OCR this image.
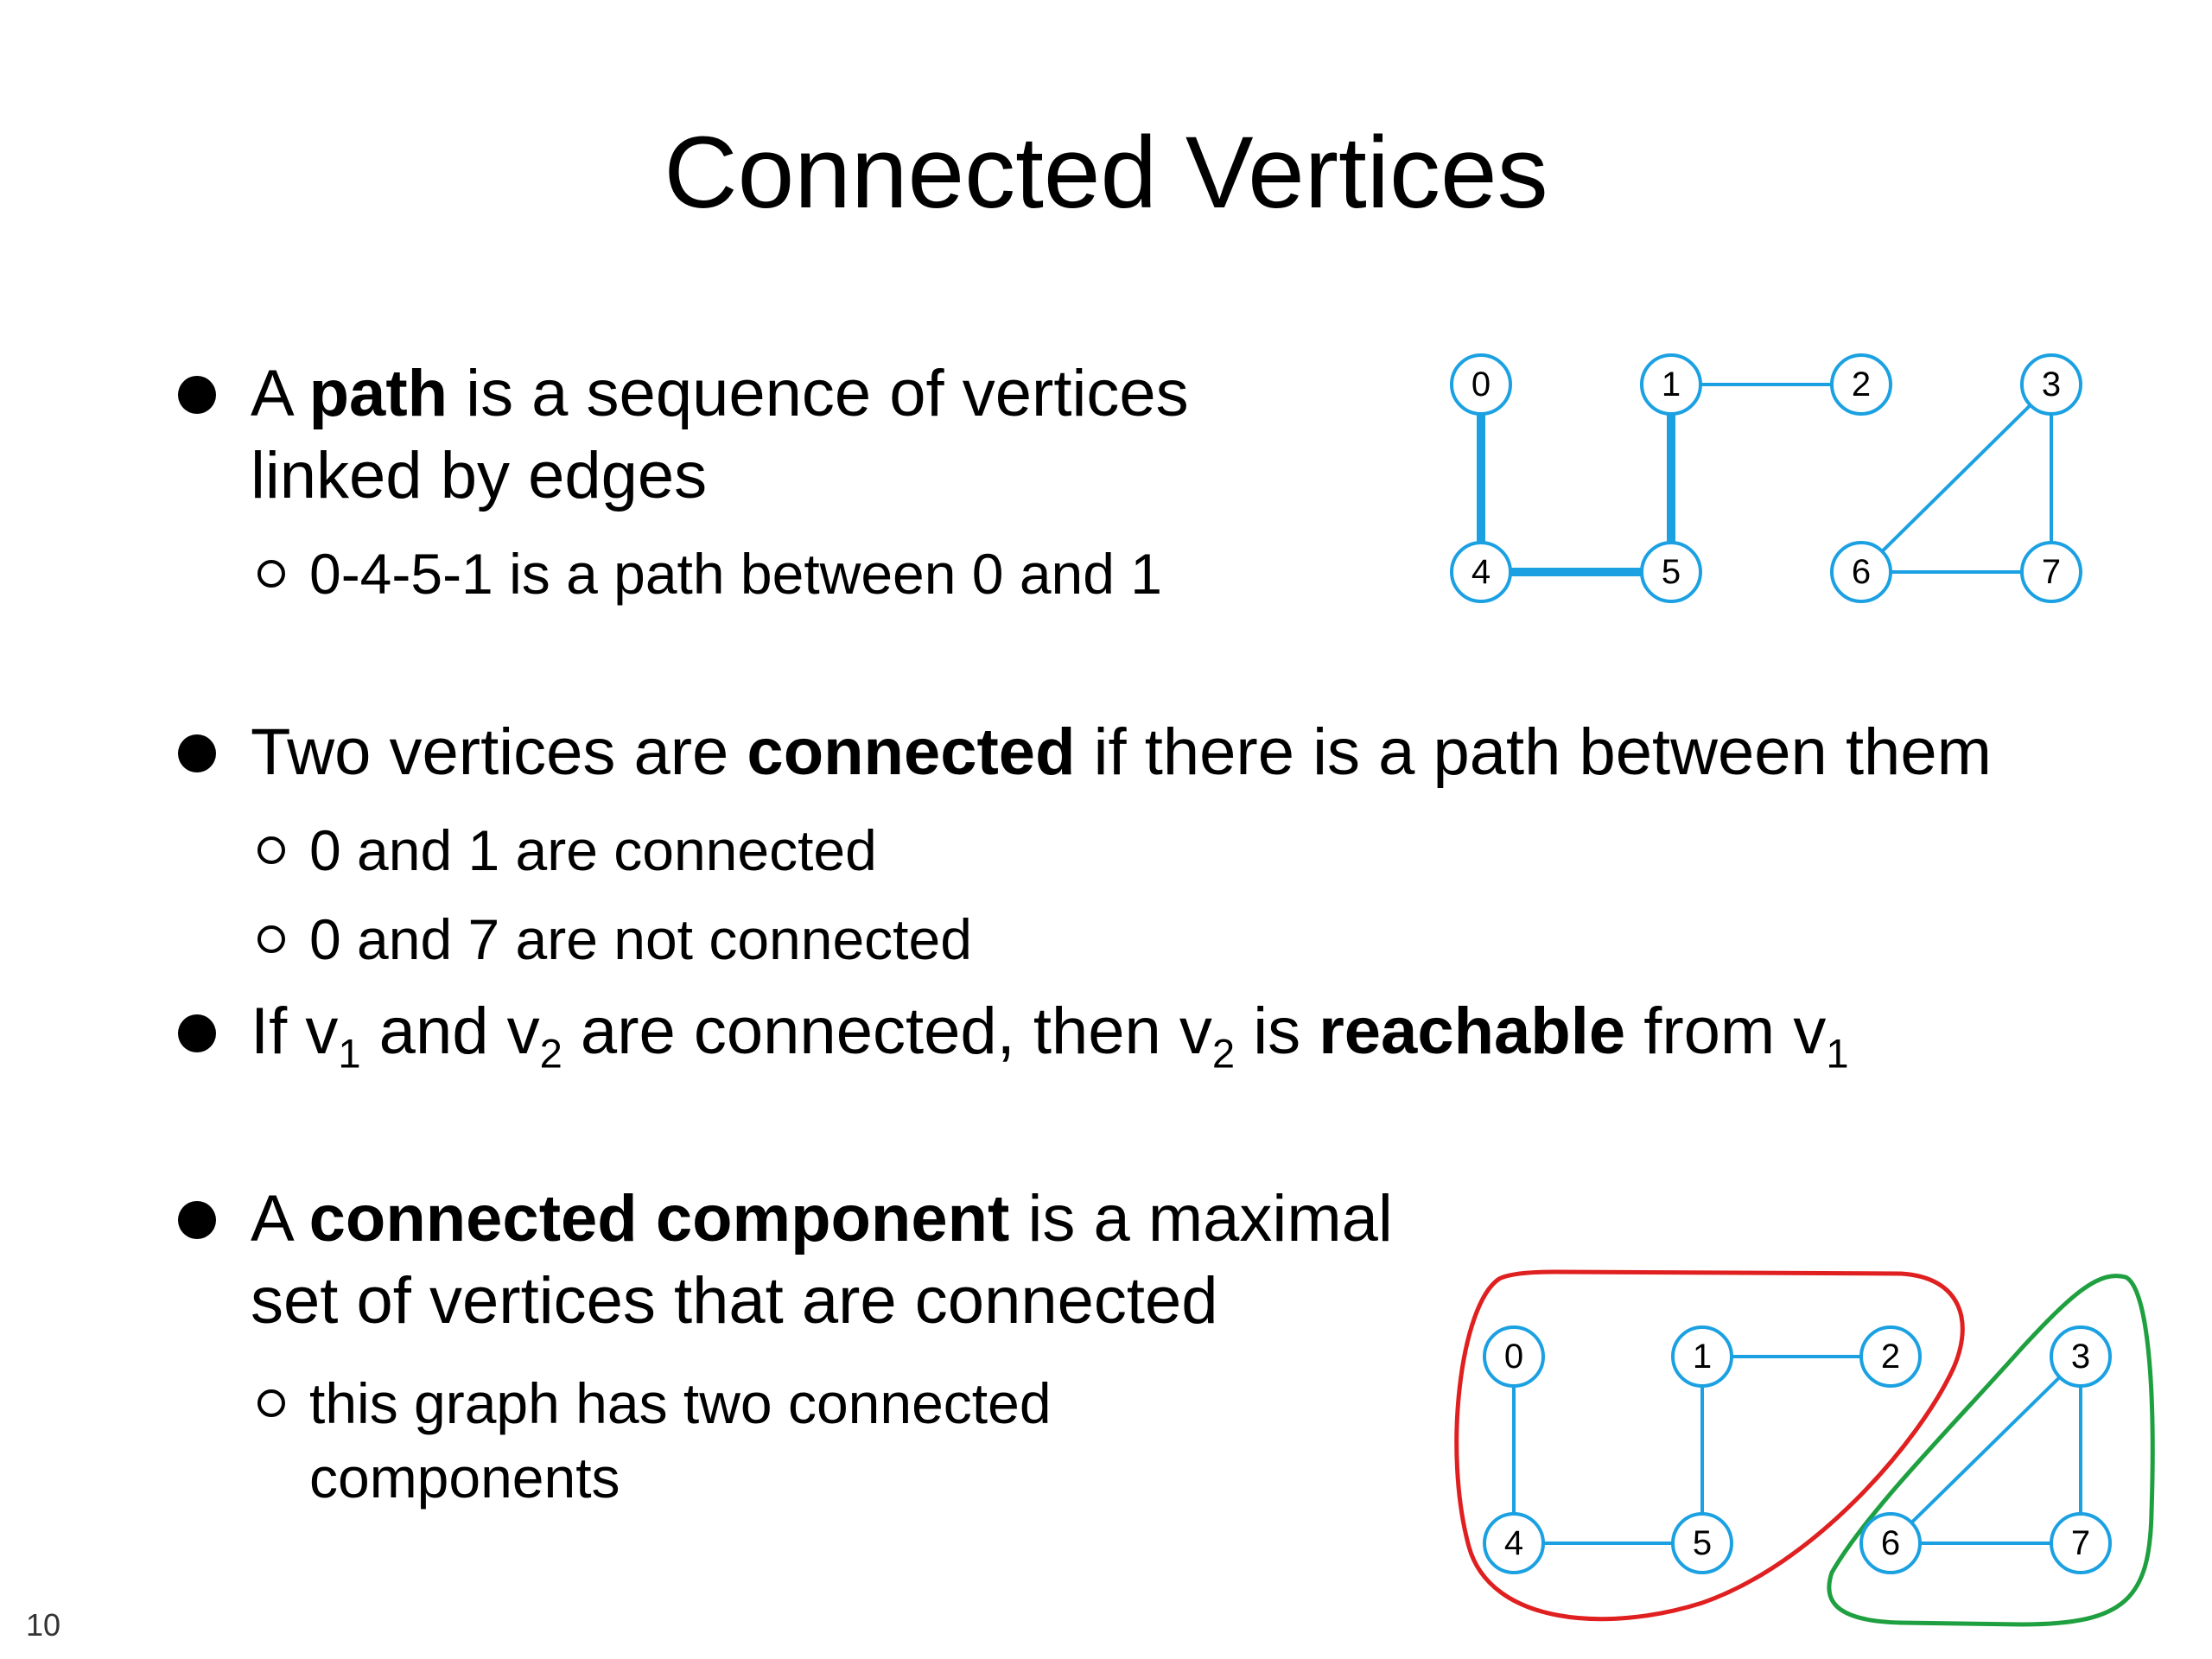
Connected Vertices
A path is a sequence of vertices
linked by edges
0-4-5-1 is a path between 0 and 1
Two vertices are connected if there is a path between them
0 and 1 are connected
0 and 7 are not connected
If $v_1$ and $v_2$ are connected, then $v_2$ is reachable from $v_1$
A connected component is a maximal
set of vertices that are connected
this graph has two connected
components
0	1	2	3
4	5	6	7
0	1	2	3
4	5	6	7
10
